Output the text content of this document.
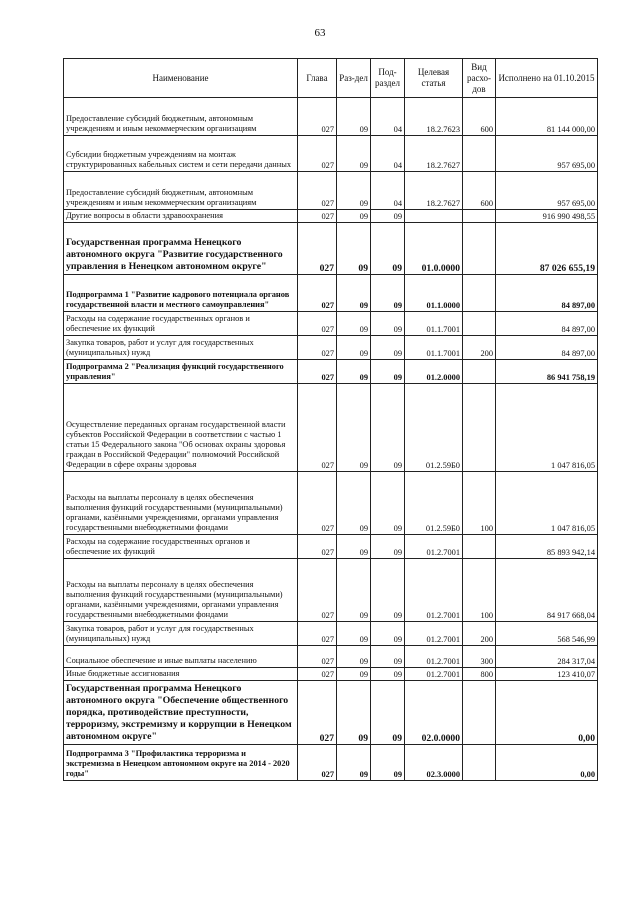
63
Наименование	Глава	Раз-дел	Под-раздел	Целевая статья	Вид расхо-дов	Исполнено на 01.10.2015
Предоставление субсидий бюджетным, автономным учреждениям и иным некоммерческим организациям	027	09	04	18.2.7623	600	81 144 000,00
Субсидии бюджетным учреждениям на монтаж структурированных кабельных систем и сети передачи данных	027	09	04	18.2.7627		957 695,00
Предоставление субсидий бюджетным, автономным учреждениям и иным некоммерческим организациям	027	09	04	18.2.7627	600	957 695,00
Другие вопросы в области здравоохранения	027	09	09			916 990 498,55
Государственная программа Ненецкого автономного округа "Развитие государственного управления в Ненецком автономном округе"	027	09	09	01.0.0000		87 026 655,19
Подпрограмма 1 "Развитие кадрового потенциала органов государственной власти и местного самоуправления"	027	09	09	01.1.0000		84 897,00
Расходы на содержание государственных органов и обеспечение их функций	027	09	09	01.1.7001		84 897,00
Закупка товаров, работ и услуг для государственных (муниципальных) нужд	027	09	09	01.1.7001	200	84 897,00
Подпрограмма 2 "Реализация функций государственного управления"	027	09	09	01.2.0000		86 941 758,19
Осуществление переданных органам государственной власти субъектов Российской Федерации в соответствии с частью 1 статьи 15 Федерального закона "Об основах охраны здоровья граждан в Российской Федерации" полномочий Российской Федерации в сфере охраны здоровья	027	09	09	01.2.59Б0		1 047 816,05
Расходы на выплаты персоналу в целях обеспечения выполнения функций государственными (муниципальными) органами, казёнными учреждениями, органами управления государственными внебюджетными фондами	027	09	09	01.2.59Б0	100	1 047 816,05
Расходы на содержание государственных органов и обеспечение их функций	027	09	09	01.2.7001		85 893 942,14
Расходы на выплаты персоналу в целях обеспечения выполнения функций государственными (муниципальными) органами, казёнными учреждениями, органами управления государственными внебюджетными фондами	027	09	09	01.2.7001	100	84 917 668,04
Закупка товаров, работ и услуг для государственных (муниципальных) нужд	027	09	09	01.2.7001	200	568 546,99
Социальное обеспечение и иные выплаты населению	027	09	09	01.2.7001	300	284 317,04
Иные бюджетные ассигнования	027	09	09	01.2.7001	800	123 410,07
Государственная программа Ненецкого автономного округа "Обеспечение общественного порядка, противодействие преступности, терроризму, экстремизму и коррупции в Ненецком автономном округе"	027	09	09	02.0.0000		0,00
Подпрограмма 3 "Профилактика терроризма и экстремизма в Ненецком автономном округе на 2014 - 2020 годы"	027	09	09	02.3.0000		0,00
